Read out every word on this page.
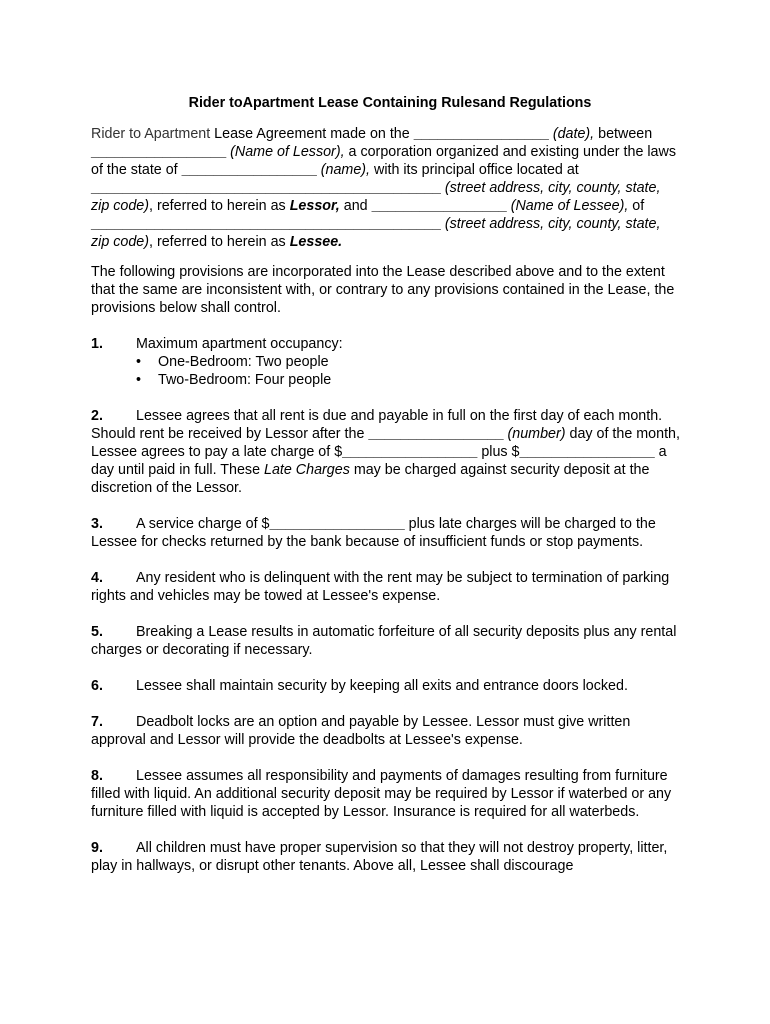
Rider toApartment Lease Containing Rulesand Regulations

Rider to Apartment Lease Agreement made on the _________________ (date), between _________________ (Name of Lessor), a corporation organized and existing under the laws of the state of _________________ (name), with its principal office located at ____________________________________________ (street address, city, county, state, zip code), referred to herein as Lessor, and _________________ (Name of Lessee), of ____________________________________________ (street address, city, county, state, zip code), referred to herein as Lessee.

The following provisions are incorporated into the Lease described above and to the extent that the same are inconsistent with, or contrary to any provisions contained in the Lease, the provisions below shall control.

1. Maximum apartment occupancy:

•	One-Bedroom: Two people
•	Two-Bedroom: Four people

2. Lessee agrees that all rent is due and payable in full on the first day of each month. Should rent be received by Lessor after the _________________ (number) day of the month, Lessee agrees to pay a late charge of $_________________ plus $_________________ a day until paid in full. These Late Charges may be charged against security deposit at the discretion of the Lessor.

3. A service charge of $_________________ plus late charges will be charged to the Lessee for checks returned by the bank because of insufficient funds or stop payments.

4. Any resident who is delinquent with the rent may be subject to termination of parking rights and vehicles may be towed at Lessee's expense.

5. Breaking a Lease results in automatic forfeiture of all security deposits plus any rental charges or decorating if necessary.

6. Lessee shall maintain security by keeping all exits and entrance doors locked.

7. Deadbolt locks are an option and payable by Lessee. Lessor must give written approval and Lessor will provide the deadbolts at Lessee's expense.

8. Lessee assumes all responsibility and payments of damages resulting from furniture filled with liquid. An additional security deposit may be required by Lessor if waterbed or any furniture filled with liquid is accepted by Lessor. Insurance is required for all waterbeds.

9. All children must have proper supervision so that they will not destroy property, litter, play in hallways, or disrupt other tenants. Above all, Lessee shall discourage
